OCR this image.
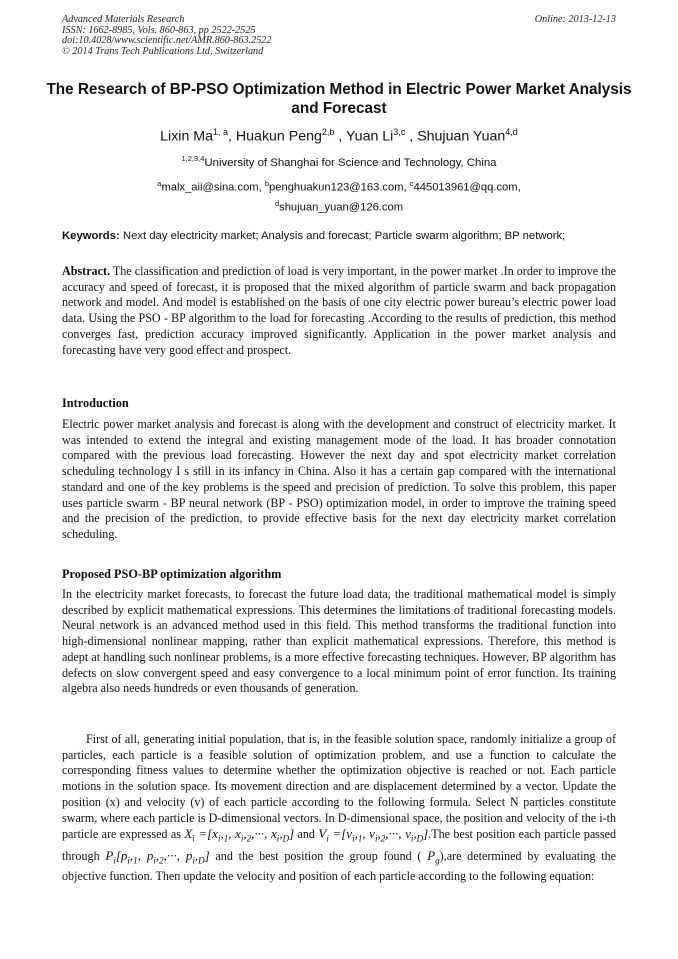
Advanced Materials Research
ISSN: 1662-8985, Vols. 860-863, pp 2522-2525
doi:10.4028/www.scientific.net/AMR.860-863.2522
© 2014 Trans Tech Publications Ltd, Switzerland
Online: 2013-12-13
The Research of BP-PSO Optimization Method in Electric Power Market Analysis and Forecast
Lixin Ma$^{1, a}$, Huakun Peng$^{2,b}$ , Yuan Li$^{3,c}$ , Shujuan Yuan$^{4,d}$
$^{1,2,3,4}$University of Shanghai for Science and Technology, China
$^a$malx_aii@sina.com, $^b$penghuakun123@163.com, $^c$445013961@qq.com,
$^d$shujuan_yuan@126.com
Keywords: Next day electricity market; Analysis and forecast; Particle swarm algorithm; BP network;
Abstract. The classification and prediction of load is very important, in the power market .In order to improve the accuracy and speed of forecast, it is proposed that the mixed algorithm of particle swarm and back propagation network and model. And model is established on the basis of one city electric power bureau’s electric power load data. Using the PSO - BP algorithm to the load for forecasting .According to the results of prediction, this method converges fast, prediction accuracy improved significantly. Application in the power market analysis and forecasting have very good effect and prospect.
Introduction
Electric power market analysis and forecast is along with the development and construct of electricity market. It was intended to extend the integral and existing management mode of the load. It has broader connotation compared with the previous load forecasting. However the next day and spot electricity market correlation scheduling technology I s still in its infancy in China. Also it has a certain gap compared with the international standard and one of the key problems is the speed and precision of prediction. To solve this problem, this paper uses particle swarm - BP neural network (BP - PSO) optimization model, in order to improve the training speed and the precision of the prediction, to provide effective basis for the next day electricity market correlation scheduling.
Proposed PSO-BP optimization algorithm
In the electricity market forecasts, to forecast the future load data, the traditional mathematical model is simply described by explicit mathematical expressions. This determines the limitations of traditional forecasting models. Neural network is an advanced method used in this field. This method transforms the traditional function into high-dimensional nonlinear mapping, rather than explicit mathematical expressions. Therefore, this method is adept at handling such nonlinear problems, is a more effective forecasting techniques. However, BP algorithm has defects on slow convergent speed and easy convergence to a local minimum point of error function. Its training algebra also needs hundreds or even thousands of generation.
First of all, generating initial population, that is, in the feasible solution space, randomly initialize a group of particles, each particle is a feasible solution of optimization problem, and use a function to calculate the corresponding fitness values to determine whether the optimization objective is reached or not. Each particle motions in the solution space. Its movement direction and are displacement determined by a vector. Update the position (x) and velocity (v) of each particle according to the following formula. Select N particles constitute swarm, where each particle is D-dimensional vectors. In D-dimensional space, the position and velocity of the i-th particle are expressed as $X_i =[x_i,_1$, $x_i,_2,\cdot\cdot\cdot$, $x_i,_D$] and $V_i =[v_i,_1$, $v_i,_2,\cdot\cdot\cdot$, $v_i,_D].The$ best position each particle passed through $P_i[p_i,_1$, $p_i,_2,\cdot\cdot\cdot$, $p_i,_D$] and the best position the group found ( $P_g),are$ determined by evaluating the objective function. Then update the velocity and position of each particle according to the following equation:
